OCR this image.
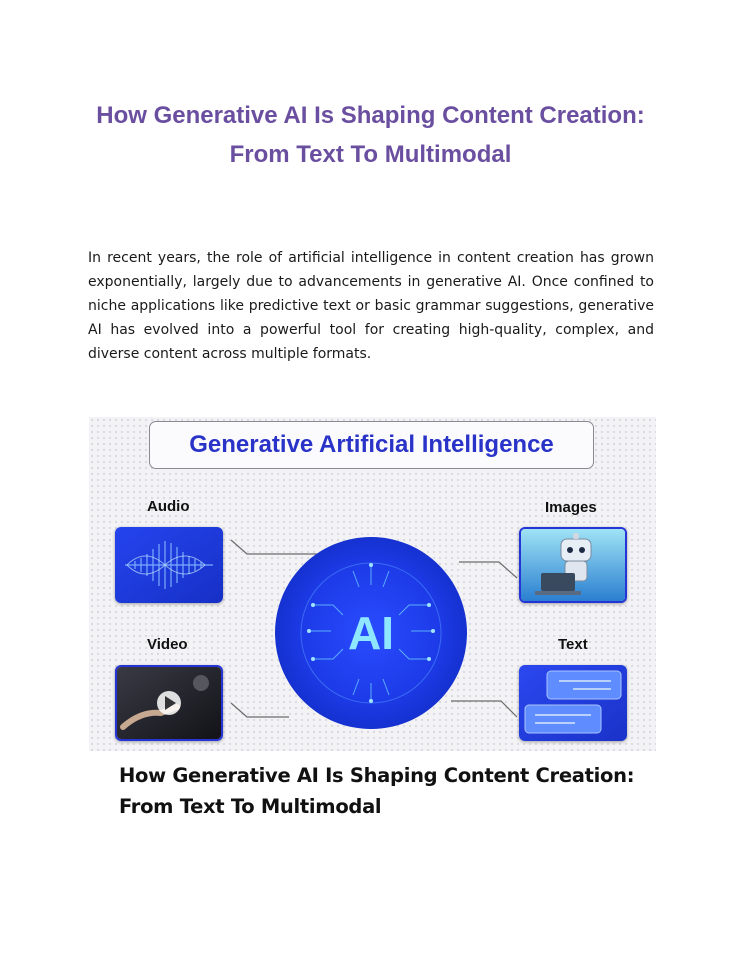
How Generative AI Is Shaping Content Creation:
From Text To Multimodal

In recent years, the role of artificial intelligence in content creation has grown exponentially, largely due to advancements in generative AI. Once confined to niche applications like predictive text or basic grammar suggestions, generative AI has evolved into a powerful tool for creating high-quality, complex, and diverse content across multiple formats.

Generative Artificial Intelligence
Audio	Images
Video	Text
AI
How Generative AI Is Shaping Content Creation:
From Text To Multimodal
